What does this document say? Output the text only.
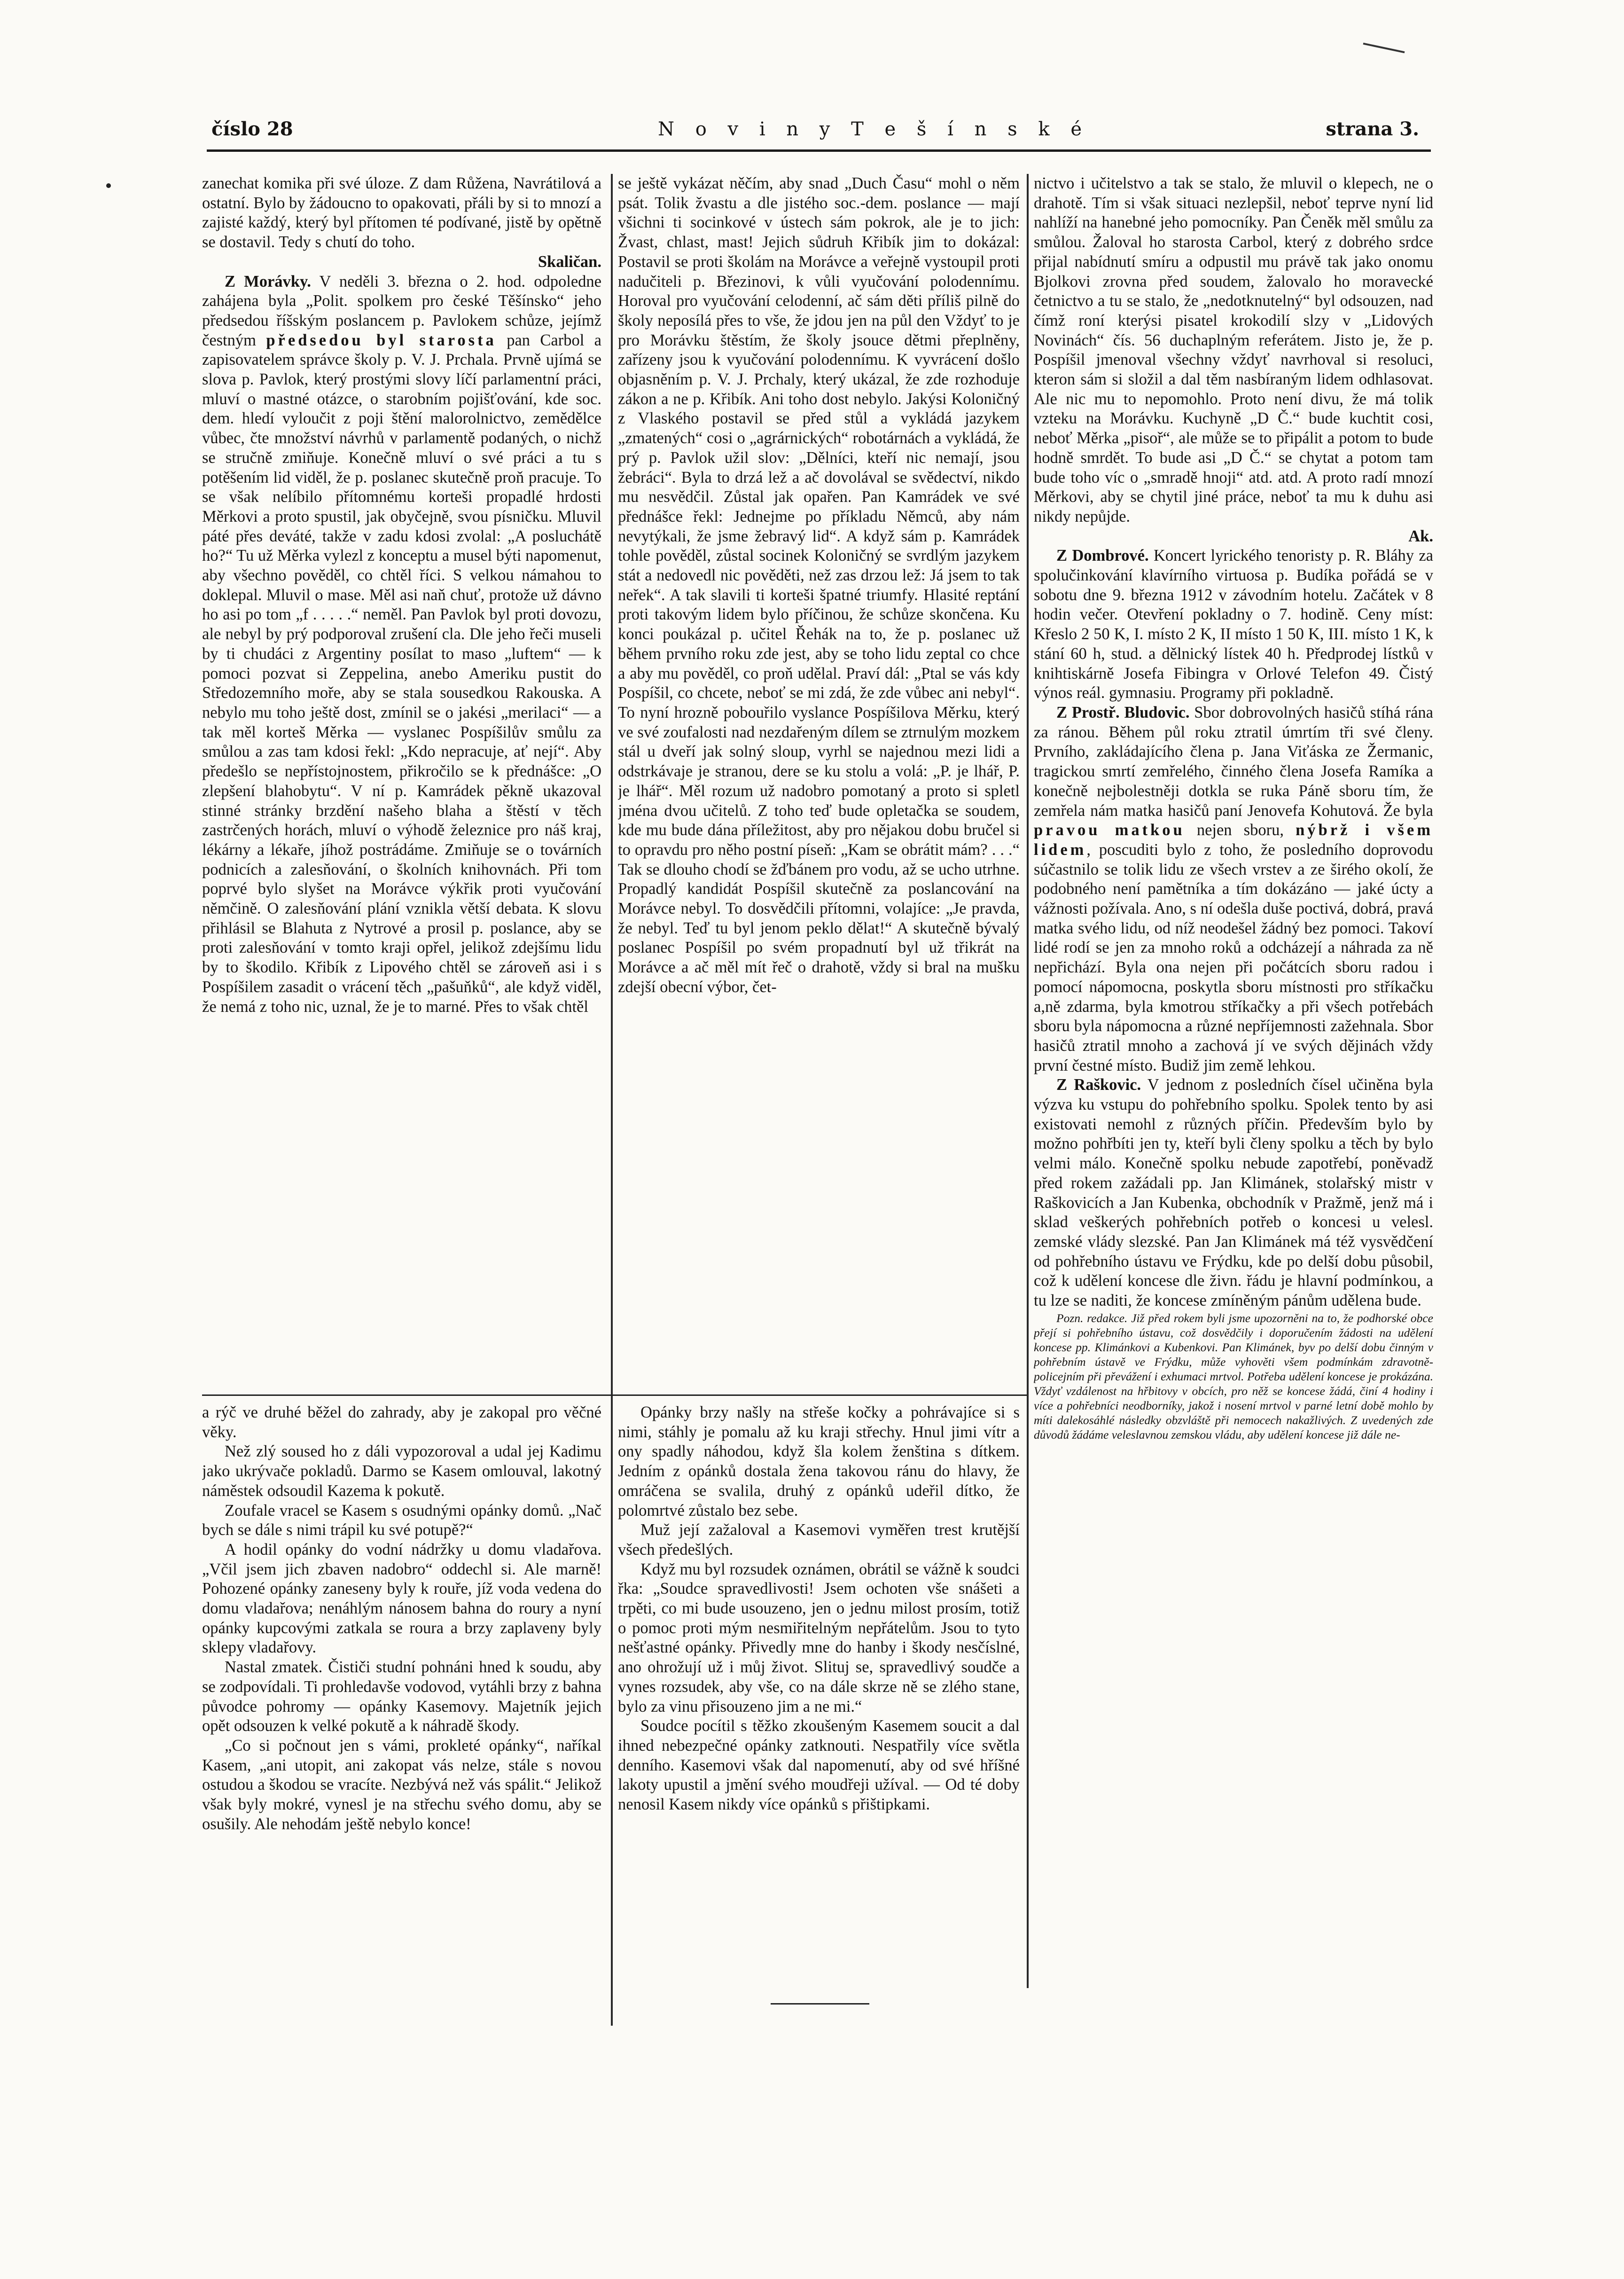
číslo 28	N o v i n y T e š í n s k é	strana 3.

zanechat komika při své úloze. Z dam Růžena, Navrátilová a ostatní. Bylo by žádoucno to opakovati, přáli by si to mnozí a zajisté každý, který byl přítomen té podívané, jistě by opětně se dostavil. Tedy s chutí do toho.

Skaličan.

Z Morávky. V neděli 3. března o 2. hod. odpoledne zahájena byla „Polit. spolkem pro české Těšínsko“ jeho předsedou říšským poslancem p. Pavlokem schůze, jejímž čestným předsedou byl starosta pan Carbol a zapisovatelem správce školy p. V. J. Prchala. Prvně ujímá se slova p. Pavlok, který prostými slovy líčí parlamentní práci, mluví o mastné otázce, o starobním pojišťování, kde soc. dem. hledí vyloučit z poji štění malorolnictvo, zemědělce vůbec, čte množství návrhů v parlamentě podaných, o nichž se stručně zmiňuje. Konečně mluví o své práci a tu s potěšením lid viděl, že p. poslanec skutečně proň pracuje. To se však nelíbilo přítomnému korteši propadlé hrdosti Měrkovi a proto spustil, jak obyčejně, svou písničku. Mluvil páté přes deváté, takže v zadu kdosi zvolal: „A posluchátě ho?“ Tu už Měrka vylezl z konceptu a musel býti napomenut, aby všechno pověděl, co chtěl říci. S velkou námahou to doklepal. Mluvil o mase. Měl asi naň chuť, protože už dávno ho asi po tom „f . . . . .“ neměl. Pan Pavlok byl proti dovozu, ale nebyl by prý podporoval zrušení cla. Dle jeho řeči museli by ti chudáci z Argentiny posílat to maso „luftem“ — k pomoci pozvat si Zeppelina, anebo Ameriku pustit do Středozemního moře, aby se stala sousedkou Rakouska. A nebylo mu toho ještě dost, zmínil se o jakési „merilaci“ — a tak měl korteš Měrka — vyslanec Pospíšilův smůlu za smůlou a zas tam kdosi řekl: „Kdo nepracuje, ať nejí“. Aby předešlo se nepřístojnostem, přikročilo se k přednášce: „O zlepšení blahobytu“. V ní p. Kamrádek pěkně ukazoval stinné stránky brzdění našeho blaha a štěstí v těch zastrčených horách, mluví o výhodě železnice pro náš kraj, lékárny a lékaře, jíhož postrádáme. Zmiňuje se o továrních podnicích a zalesňování, o školních knihovnách. Při tom poprvé bylo slyšet na Morávce výkřik proti vyučování němčině. O zalesňování plání vznikla větší debata. K slovu přihlásil se Blahuta z Nytrové a prosil p. poslance, aby se proti zalesňování v tomto kraji opřel, jelikož zdejšímu lidu by to škodilo. Křibík z Lipového chtěl se zároveň asi i s Pospíšilem zasadit o vrácení těch „pašuňků“, ale když viděl, že nemá z toho nic, uznal, že je to marné. Přes to však chtěl

se ještě vykázat něčím, aby snad „Duch Času“ mohl o něm psát. Tolik žvastu a dle jistého soc.-dem. poslance — mají všichni ti socinkové v ústech sám pokrok, ale je to jich: Žvast, chlast, mast! Jejich sůdruh Křibík jim to dokázal: Postavil se proti školám na Morávce a veřejně vystoupil proti nadučiteli p. Březinovi, k vůli vyučování polodennímu. Horoval pro vyučování celodenní, ač sám děti příliš pilně do školy neposílá přes to vše, že jdou jen na půl den Vždyť to je pro Morávku štěstím, že školy jsouce dětmi přeplněny, zařízeny jsou k vyučování polodennímu. K vyvrácení došlo objasněním p. V. J. Prchaly, který ukázal, že zde rozhoduje zákon a ne p. Křibík. Ani toho dost nebylo. Jakýsi Koloničný z Vlaského postavil se před stůl a vykládá jazykem „zmatených“ cosi o „agrárnických“ robotárnách a vykládá, že prý p. Pavlok užil slov: „Dělníci, kteří nic nemají, jsou žebráci“. Byla to drzá lež a ač dovolával se svědectví, nikdo mu nesvědčil. Zůstal jak opařen. Pan Kamrádek ve své přednášce řekl: Jednejme po příkladu Němců, aby nám nevytýkali, že jsme žebravý lid“. A když sám p. Kamrádek tohle pověděl, zůstal socinek Koloničný se svrdlým jazykem stát a nedovedl nic pověděti, než zas drzou lež: Já jsem to tak neřek“. A tak slavili ti korteši špatné triumfy. Hlasité reptání proti takovým lidem bylo příčinou, že schůze skončena. Ku konci poukázal p. učitel Řehák na to, že p. poslanec už během prvního roku zde jest, aby se toho lidu zeptal co chce a aby mu pověděl, co proň udělal. Praví dál: „Ptal se vás kdy Pospíšil, co chcete, neboť se mi zdá, že zde vůbec ani nebyl“. To nyní hrozně pobouřilo vyslance Pospíšilova Měrku, který ve své zoufalosti nad nezdařeným dílem se ztrnulým mozkem stál u dveří jak solný sloup, vyrhl se najednou mezi lidi a odstrkávaje je stranou, dere se ku stolu a volá: „P. je lhář, P. je lhář“. Měl rozum už nadobro pomotaný a proto si spletl jména dvou učitelů. Z toho teď bude opletačka se soudem, kde mu bude dána příležitost, aby pro nějakou dobu bručel si to opravdu pro něho postní píseň: „Kam se obrátit mám? . . .“ Tak se dlouho chodí se žďbánem pro vodu, až se ucho utrhne. Propadlý kandidát Pospíšil skutečně za poslancování na Morávce nebyl. To dosvědčili přítomni, volajíce: „Je pravda, že nebyl. Teď tu byl jenom peklo dělat!“ A skutečně bývalý poslanec Pospíšil po svém propadnutí byl už třikrát na Morávce a ač měl mít řeč o drahotě, vždy si bral na mušku zdejší obecní výbor, čet-

nictvo i učitelstvo a tak se stalo, že mluvil o klepech, ne o drahotě. Tím si však situaci nezlepšil, neboť teprve nyní lid nahlíží na hanebné jeho pomocníky. Pan Čeněk měl smůlu za smůlou. Žaloval ho starosta Carbol, který z dobrého srdce přijal nabídnutí smíru a odpustil mu právě tak jako onomu Bjolkovi zrovna před soudem, žalovalo ho moravecké četnictvo a tu se stalo, že „nedotknutelný“ byl odsouzen, nad čímž roní kterýsi pisatel krokodilí slzy v „Lidových Novinách“ čís. 56 duchaplným referátem. Jisto je, že p. Pospíšil jmenoval všechny vždyť navrhoval si resoluci, kteron sám si složil a dal těm nasbíraným lidem odhlasovat. Ale nic mu to nepomohlo. Proto není divu, že má tolik vzteku na Morávku. Kuchyně „D Č.“ bude kuchtit cosi, neboť Měrka „pisoř“, ale může se to připálit a potom to bude hodně smrdět. To bude asi „D Č.“ se chytat a potom tam bude toho víc o „smradě hnoji“ atd. atd. A proto radí mnozí Měrkovi, aby se chytil jiné práce, neboť ta mu k duhu asi nikdy nepůjde.

Ak.

Z Dombrové. Koncert lyrického tenoristy p. R. Bláhy za spolučinkování klavírního virtuosa p. Budíka pořádá se v sobotu dne 9. března 1912 v závodním hotelu. Začátek v 8 hodin večer. Otevření pokladny o 7. hodině. Ceny míst: Křeslo 2 50 K, I. místo 2 K, II místo 1 50 K, III. místo 1 K, k stání 60 h, stud. a dělnický lístek 40 h. Předprodej lístků v knihtiskárně Josefa Fibingra v Orlové Telefon 49. Čistý výnos reál. gymnasiu. Programy při pokladně.

Z Prostř. Bludovic. Sbor dobrovolných hasičů stíhá rána za ránou. Během půl roku ztratil úmrtím tři své členy. Prvního, zakládajícího člena p. Jana Viťáska ze Žermanic, tragickou smrtí zemřelého, činného člena Josefa Ramíka a konečně nejbolestněji dotkla se ruka Páně sboru tím, že zemřela nám matka hasičů paní Jenovefa Kohutová. Že byla pravou matkou nejen sboru, nýbrž i všem lidem, poscuditi bylo z toho, že posledního doprovodu súčastnilo se tolik lidu ze všech vrstev a ze širého okolí, že podobného není pamětníka a tím dokázáno — jaké úcty a vážnosti požívala. Ano, s ní odešla duše poctivá, dobrá, pravá matka svého lidu, od níž neodešel žádný bez pomoci. Takoví lidé rodí se jen za mnoho roků a odcházejí a náhrada za ně nepřichází. Byla ona nejen při počátcích sboru radou i pomocí nápomocna, poskytla sboru místnosti pro stříkačku a,ně zdarma, byla kmotrou stříkačky a při všech potřebách sboru byla nápomocna a různé nepříjemnosti zažehnala. Sbor hasičů ztratil mnoho a zachová jí ve svých dějinách vždy první čestné místo. Budiž jim země lehkou.

Z Raškovic. V jednom z posledních čísel učiněna byla výzva ku vstupu do pohřebního spolku. Spolek tento by asi existovati nemohl z různých příčin. Především bylo by možno pohřbíti jen ty, kteří byli členy spolku a těch by bylo velmi málo. Konečně spolku nebude zapotřebí, poněvadž před rokem zažádali pp. Jan Klimánek, stolařský mistr v Raškovicích a Jan Kubenka, obchodník v Pražmě, jenž má i sklad veškerých pohřebních potřeb o koncesi u velesl. zemské vlády slezské. Pan Jan Klimánek má též vysvědčení od pohřebního ústavu ve Frýdku, kde po delší dobu působil, což k udělení koncese dle živn. řádu je hlavní podmínkou, a tu lze se naditi, že koncese zmíněným pánům udělena bude.

Pozn. redakce. Již před rokem byli jsme upozorněni na to, že podhorské obce přejí si pohřebního ústavu, což dosvědčily i doporučením žádosti na udělení koncese pp. Klimánkovi a Kubenkovi. Pan Klimánek, byv po delší dobu činným v pohřebním ústavě ve Frýdku, může vyhověti všem podmínkám zdravotně-policejním při převážení i exhumaci mrtvol. Potřeba udělení koncese je prokázána. Vždyť vzdálenost na hřbitovy v obcích, pro něž se koncese žádá, činí 4 hodiny i více a pohřebníci neodborníky, jakož i nosení mrtvol v parné letní době mohlo by míti dalekosáhlé následky obzvláště při nemocech nakažlivých. Z uvedených zde důvodů žádáme veleslavnou zemskou vládu, aby udělení koncese již dále ne-

a rýč ve druhé běžel do zahrady, aby je zakopal pro věčné věky.

Než zlý soused ho z dáli vypozoroval a udal jej Kadimu jako ukrývače pokladů. Darmo se Kasem omlouval, lakotný náměstek odsoudil Kazema k pokutě.

Zoufale vracel se Kasem s osudnými opánky domů. „Nač bych se dále s nimi trápil ku své potupě?“

A hodil opánky do vodní nádržky u domu vladařova. „Včil jsem jich zbaven nadobro“ oddechl si. Ale marně! Pohozené opánky zaneseny byly k rouře, jíž voda vedena do domu vladařova; nenáhlým nánosem bahna do roury a nyní opánky kupcovými zatkala se roura a brzy zaplaveny byly sklepy vladařovy.

Nastal zmatek. Čističi studní pohnáni hned k soudu, aby se zodpovídali. Ti prohledavše vodovod, vytáhli brzy z bahna původce pohromy — opánky Kasemovy. Majetník jejich opět odsouzen k velké pokutě a k náhradě škody.

„Co si počnout jen s vámi, prokleté opánky“, naříkal Kasem, „ani utopit, ani zakopat vás nelze, stále s novou ostudou a škodou se vracíte. Nezbývá než vás spálit.“ Jelikož však byly mokré, vynesl je na střechu svého domu, aby se osušily. Ale nehodám ještě nebylo konce!

Opánky brzy našly na střeše kočky a pohrávajíce si s nimi, stáhly je pomalu až ku kraji střechy. Hnul jimi vítr a ony spadly náhodou, když šla kolem ženština s dítkem. Jedním z opánků dostala žena takovou ránu do hlavy, že omráčena se svalila, druhý z opánků udeřil dítko, že polomrtvé zůstalo bez sebe.

Muž její zažaloval a Kasemovi vyměřen trest krutější všech předešlých.

Když mu byl rozsudek oznámen, obrátil se vážně k soudci řka: „Soudce spravedlivosti! Jsem ochoten vše snášeti a trpěti, co mi bude usouzeno, jen o jednu milost prosím, totiž o pomoc proti mým nesmiřitelným nepřátelům. Jsou to tyto nešťastné opánky. Přivedly mne do hanby i škody nesčíslné, ano ohrožují už i můj život. Slituj se, spravedlivý soudče a vynes rozsudek, aby vše, co na dále skrze ně se zlého stane, bylo za vinu přisouzeno jim a ne mi.“

Soudce pocítil s těžko zkoušeným Kasemem soucit a dal ihned nebezpečné opánky zatknouti. Nespatřily více světla denního. Kasemovi však dal napomenutí, aby od své hříšné lakoty upustil a jmění svého moudřeji užíval. — Od té doby nenosil Kasem nikdy více opánků s přištipkami.
